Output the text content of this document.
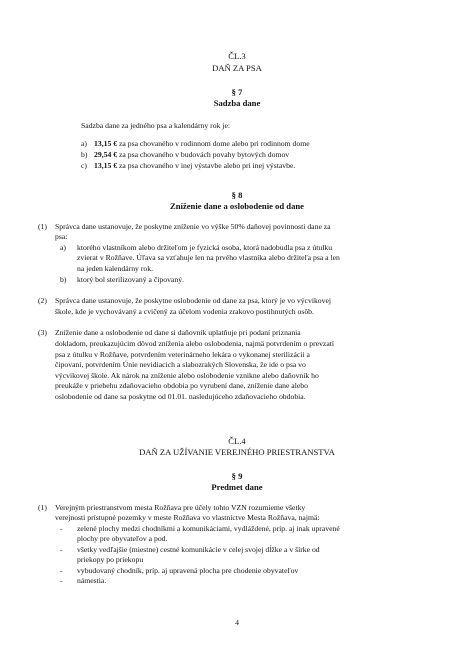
ČL.3
DAŇ ZA PSA
§ 7
Sadzba dane
Sadzba dane za jedného psa a kalendárny rok je:
a) 13,15 € za psa chovaného v rodinnom dome alebo pri rodinnom dome
b) 29,54 € za psa chovaného v budovách povahy bytových domov
c) 13,15 € za psa chovaného v inej výstavbe alebo pri inej výstavbe.
§ 8
Zníženie dane a oslobodenie od dane
(1) Správca dane ustanovuje, že poskytne zníženie vo výške 50% daňovej povinnosti dane za
psa:
a) ktorého vlastníkom alebo držiteľom je fyzická osoba, ktorá nadobudla psa z útulku
zvierat v Rožňave. Úľava sa vzťahuje len na prvého vlastníka alebo držiteľa psa a len
na jeden kalendárny rok.
b) ktorý bol sterilizovaný a čipovaný.
(2) Správca dane ustanovuje, že poskytne oslobodenie od dane za psa, ktorý je vo výcvikovej
škole, kde je vychovávaný a cvičený za účelom vodenia zrakovo postihnutých osôb.
(3) Zníženie dane a oslobodenie od dane si daňovník uplatňuje pri podaní priznania
dokladom, preukazujúcim dôvod zníženia alebo oslobodenia, najmä potvrdením o prevzatí
psa z útulku v Rožňave, potvrdením veterinárneho lekára o vykonanej sterilizácii a
čipovaní, potvrdením Únie nevidiacich a slabozrakých Slovenska, že ide o psa vo
výcvikovej škole. Ak nárok na zníženie alebo oslobodenie vznikne alebo daňovník ho
preukáže v priebehu zdaňovacieho obdobia po vyrubení dane, zníženie dane alebo
oslobodenie od dane sa poskytne od 01.01. nasledujúceho zdaňovacieho obdobia.
ČL.4
DAŇ ZA UŽÍVANIE VEREJNÉHO PRIESTRANSTVA
§ 9
Predmet dane
(1) Verejným priestranstvom mesta Rožňava pre účely tohto VZN rozumieme všetky
verejnosti prístupné pozemky v meste Rožňava vo vlastníctve Mesta Rožňava, najmä:
- zelené plochy medzi chodníkmi a komunikáciami, vydláždené, príp. aj inak upravené
plochy pre obyvateľov a pod.
- všetky vedľajšie (miestne) cestné komunikácie v celej svojej dĺžke a v šírke od
priekopy po priekopu
- vybudovaný chodník, príp. aj upravená plocha pre chodenie obyvateľov
- námestia.
4
